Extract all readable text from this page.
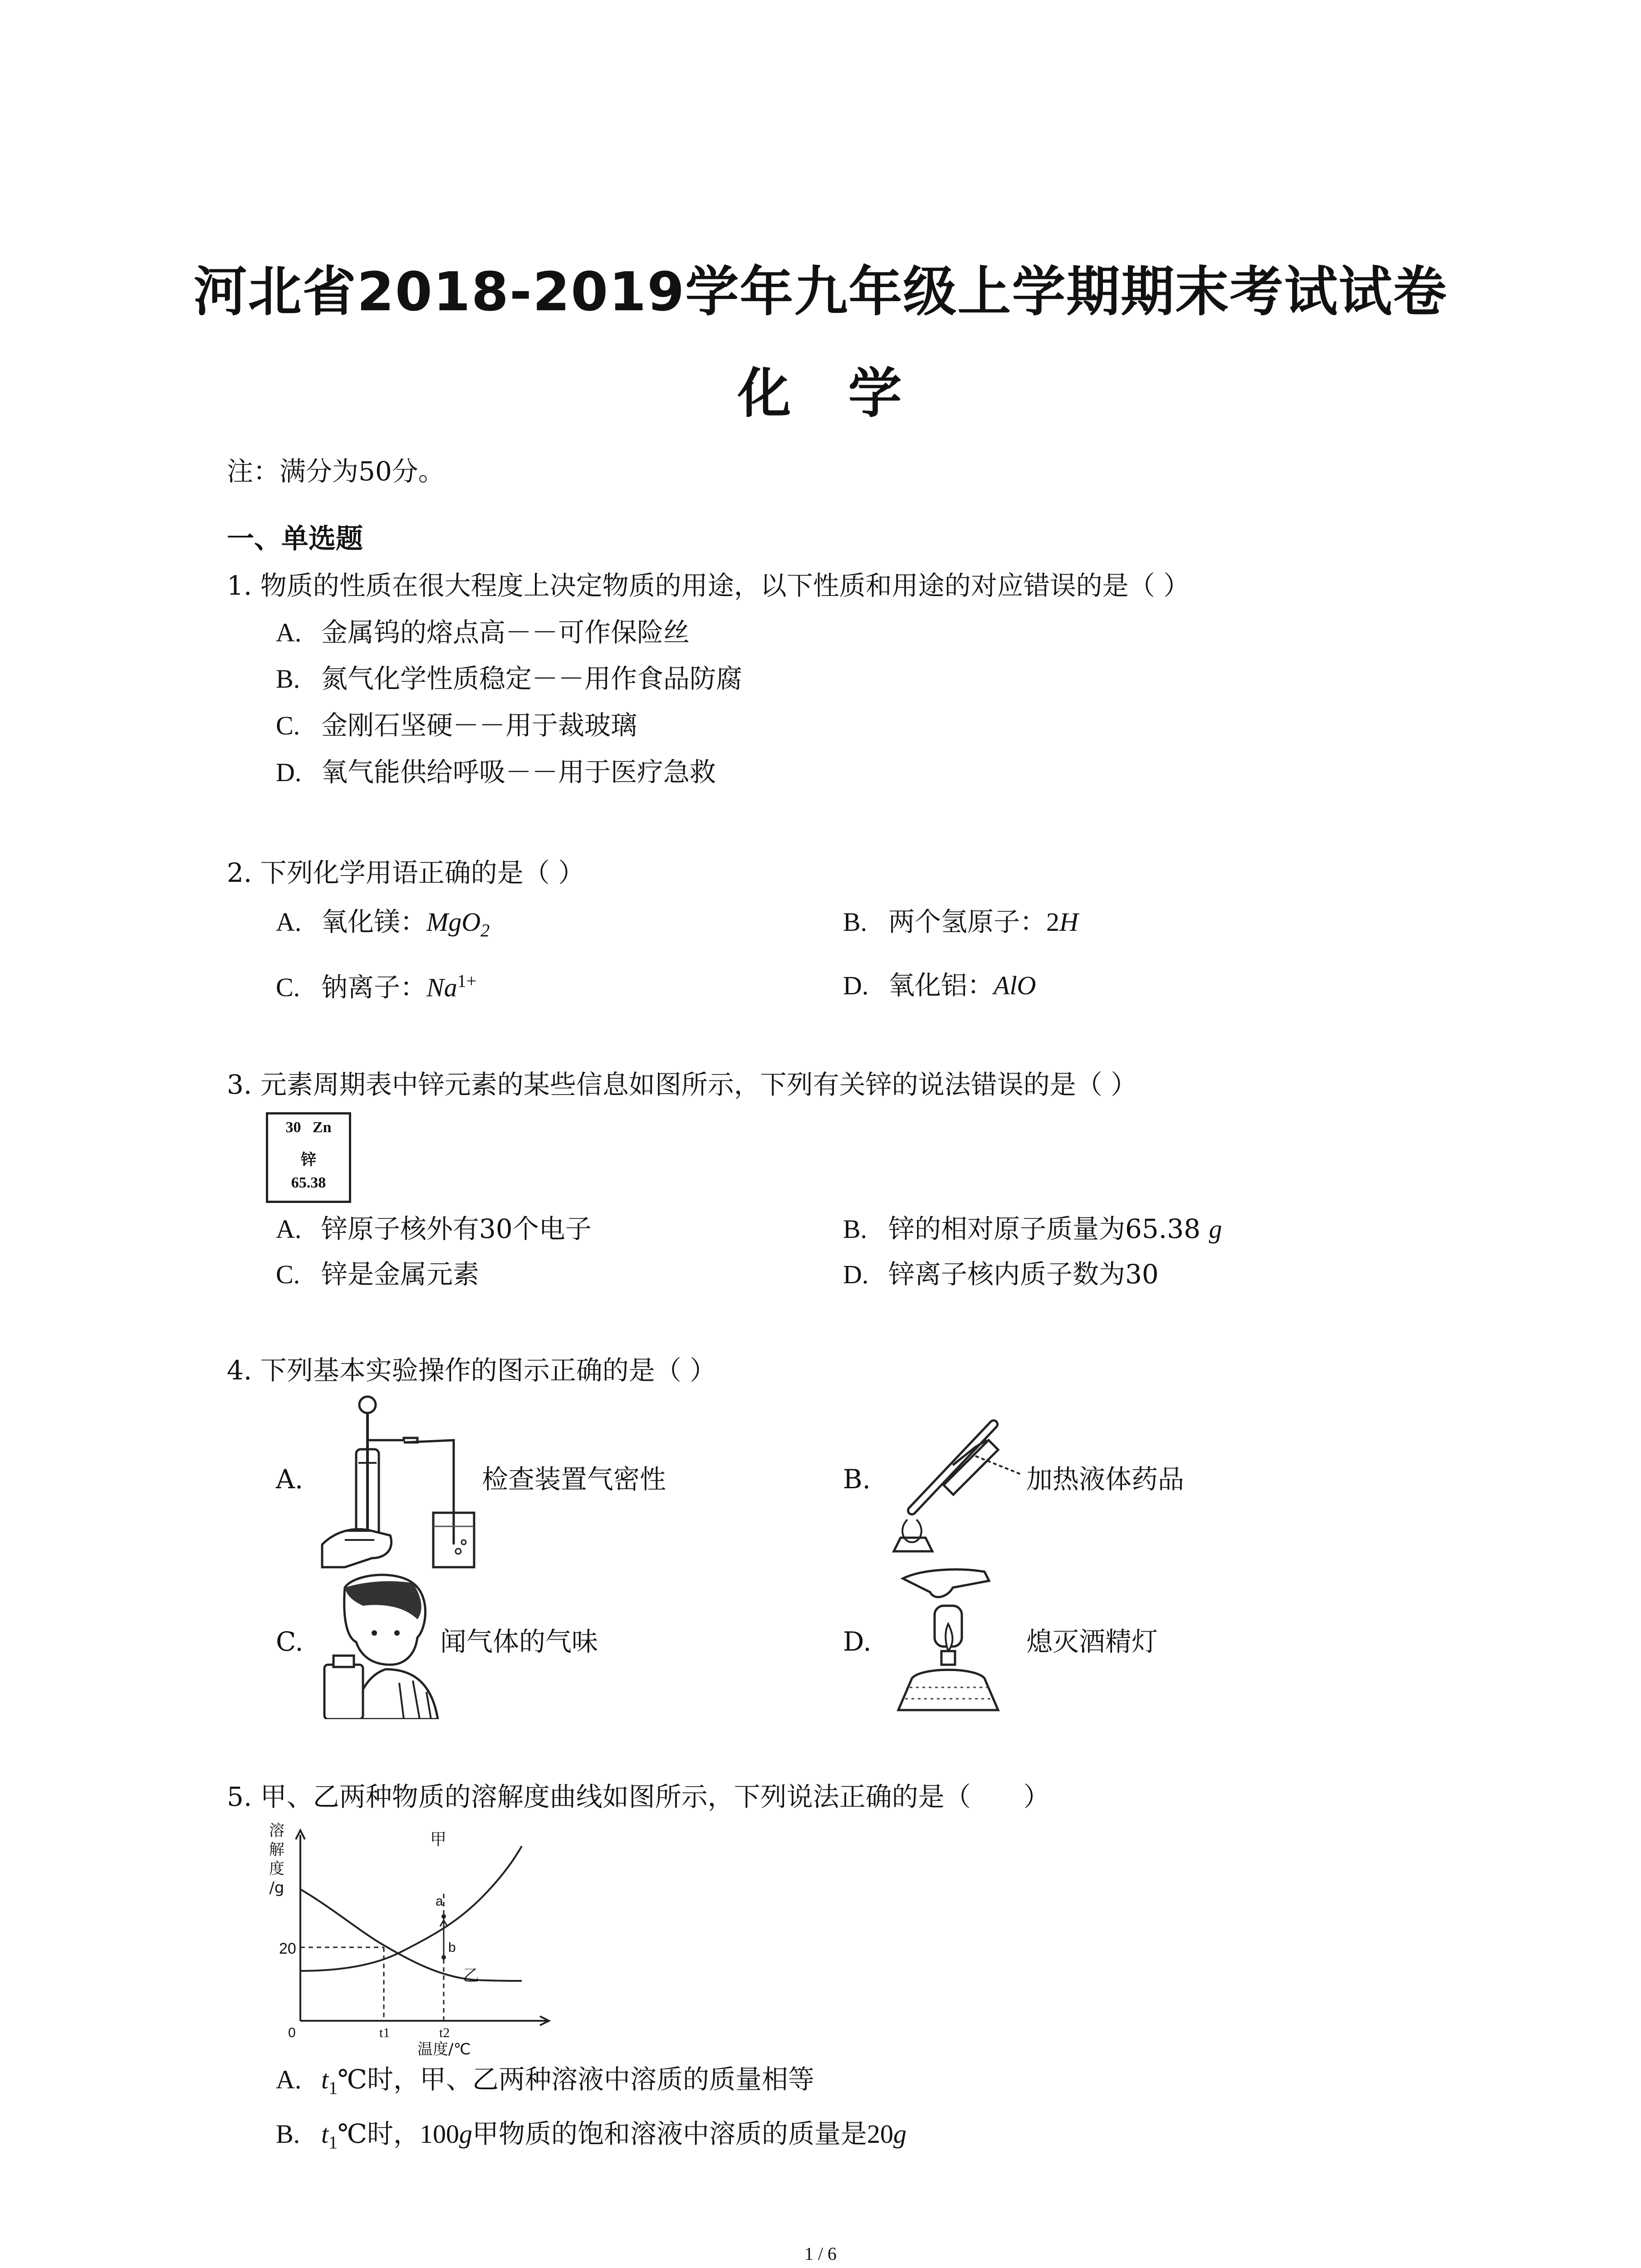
河北省2018-2019学年九年级上学期期末考试试卷
化　学
注：满分为50分。
一、单选题
1. 物质的性质在很大程度上决定物质的用途，以下性质和用途的对应错误的是（ ）
A. 金属钨的熔点高－－可作保险丝
B. 氮气化学性质稳定－－用作食品防腐
C. 金刚石坚硬－－用于裁玻璃
D. 氧气能供给呼吸－－用于医疗急救
2. 下列化学用语正确的是（ ）
A. 氧化镁：MgO$_2$	B. 两个氢原子：2H
C. 钠离子：$Na^{1+}$	D. 氧化铝：AlO
3. 元素周期表中锌元素的某些信息如图所示，下列有关锌的说法错误的是（ ）
30 Zn
锌
65.38
A. 锌原子核外有30个电子	B. 锌的相对原子质量为65.38 g
C. 锌是金属元素	D. 锌离子核内质子数为30
4. 下列基本实验操作的图示正确的是（ ）
A.	检查装置气密性	B.	加热液体药品
C.	闻气体的气味	D.	熄灭酒精灯
5. 甲、乙两种物质的溶解度曲线如图所示，下列说法正确的是（　　）
溶
解
度
/g
20
0	t1	t2
温度/℃
甲
乙
a
b
A. $t_1℃$时，甲、乙两种溶液中溶质的质量相等
B. $t_1℃$时，100g甲物质的饱和溶液中溶质的质量是20g
1 / 6
